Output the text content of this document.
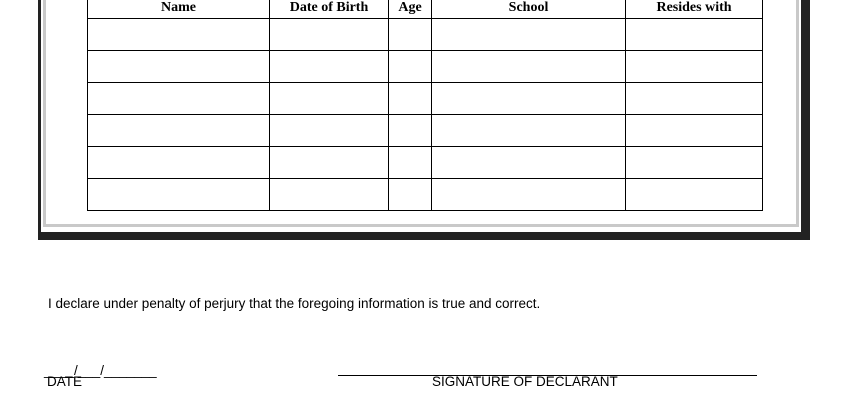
Name	Date of Birth	Age	School	Resides with

I declare under penalty of perjury that the foregoing information is true and correct.
____/___/_______
DATE	SIGNATURE OF DECLARANT
